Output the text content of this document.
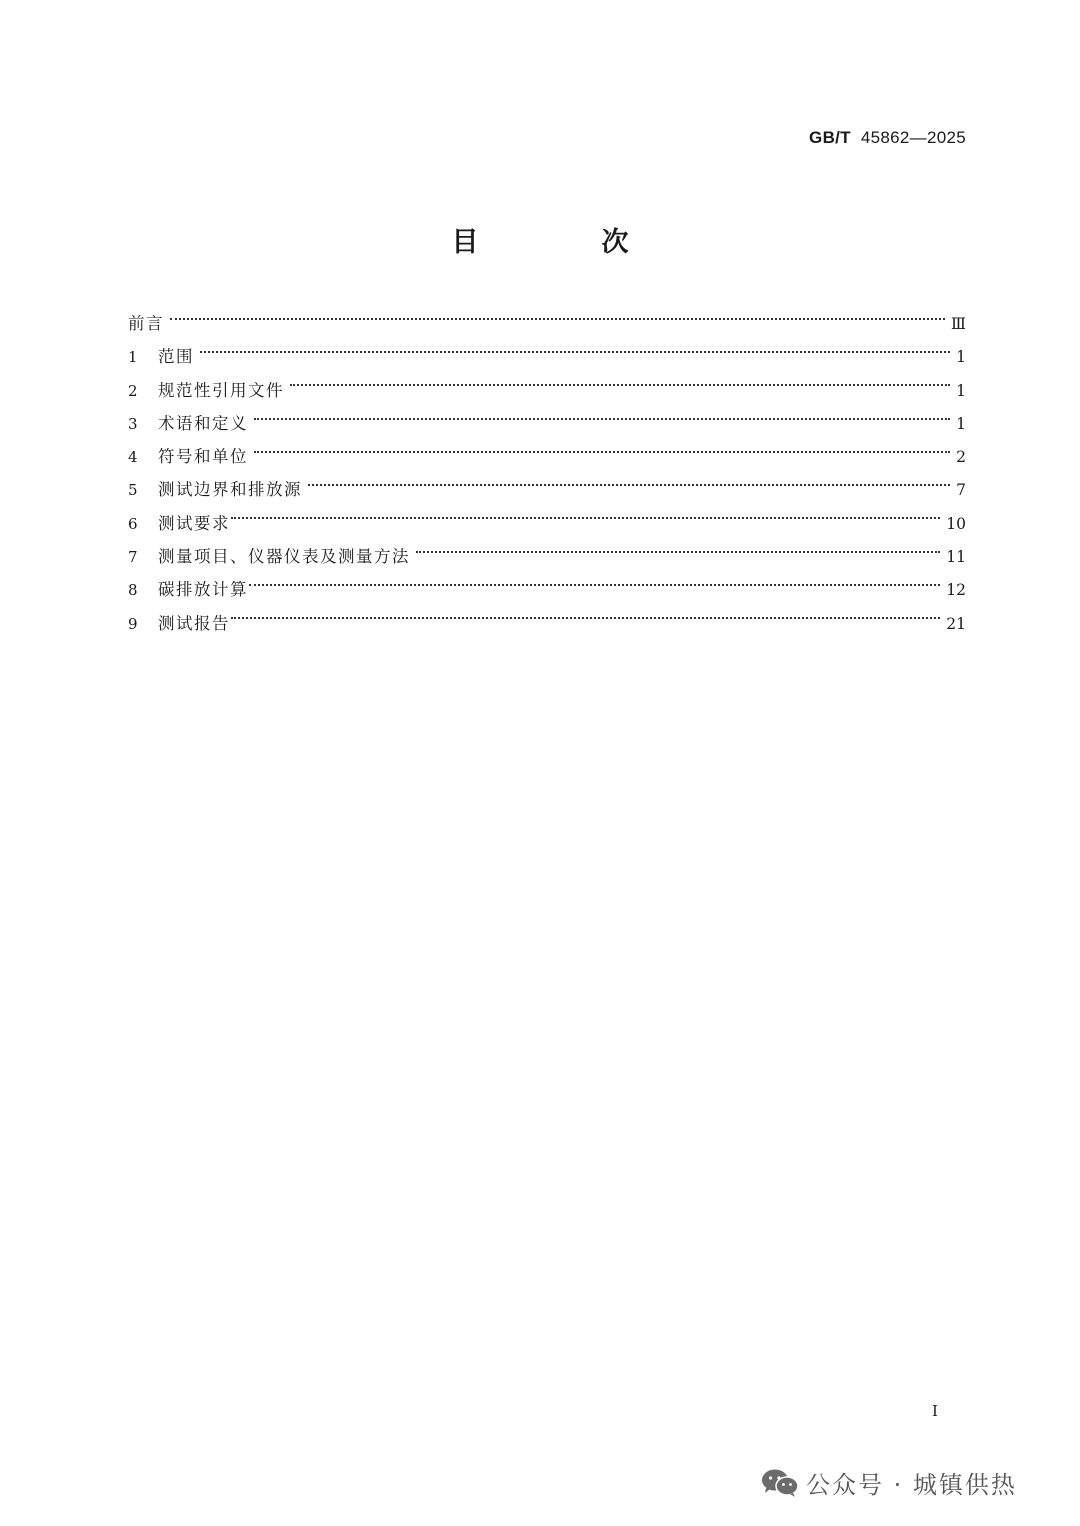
GB/T 45862—2025
目　次
前言	Ⅲ
1	范围	1
2	规范性引用文件	1
3	术语和定义	1
4	符号和单位	2
5	测试边界和排放源	7
6	测试要求	10
7	测量项目、仪器仪表及测量方法	11
8	碳排放计算	12
9	测试报告	21
I
公众号 · 城镇供热
